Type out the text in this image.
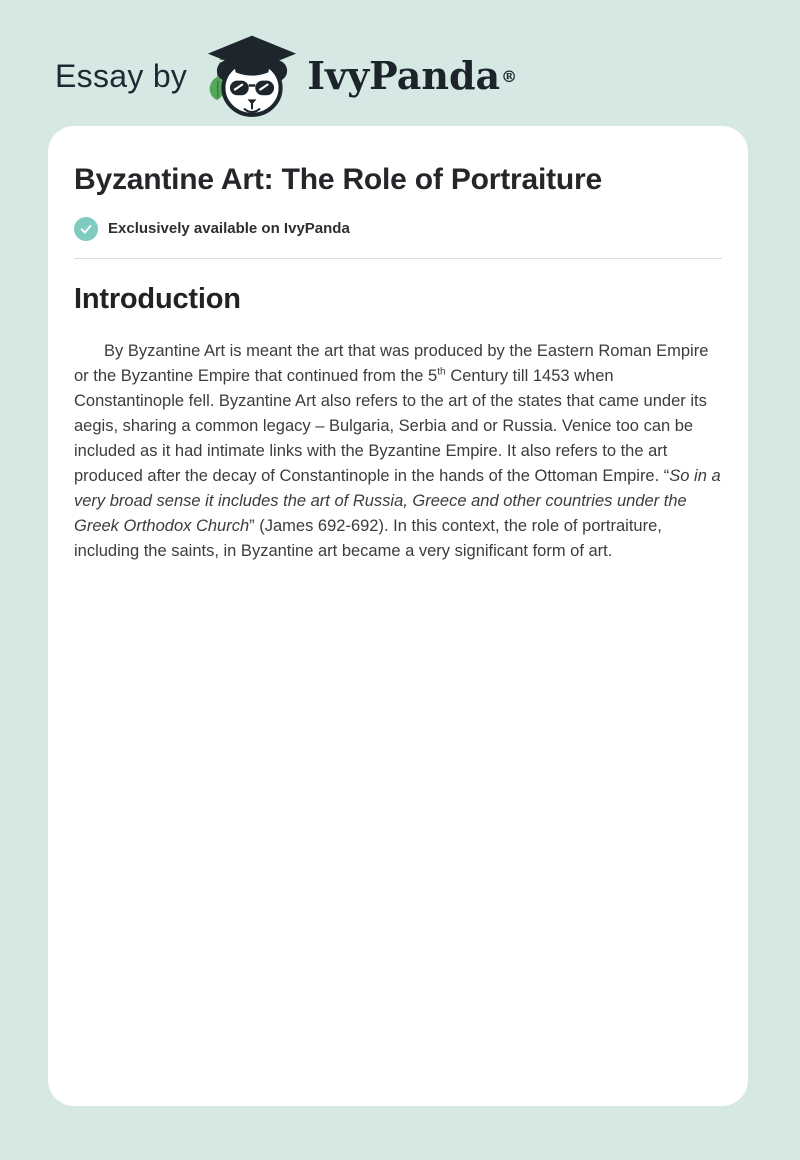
Essay by	IvyPanda ®
Byzantine Art: The Role of Portraiture
Exclusively available on IvyPanda
Introduction

By Byzantine Art is meant the art that was produced by the Eastern Roman Empire or the Byzantine Empire that continued from the 5th Century till 1453 when Constantinople fell. Byzantine Art also refers to the art of the states that came under its aegis, sharing a common legacy – Bulgaria, Serbia and or Russia. Venice too can be included as it had intimate links with the Byzantine Empire. It also refers to the art produced after the decay of Constantinople in the hands of the Ottoman Empire. “So in a very broad sense it includes the art of Russia, Greece and other countries under the Greek Orthodox Church” (James 692-692). In this context, the role of portraiture, including the saints, in Byzantine art became a very significant form of art.
